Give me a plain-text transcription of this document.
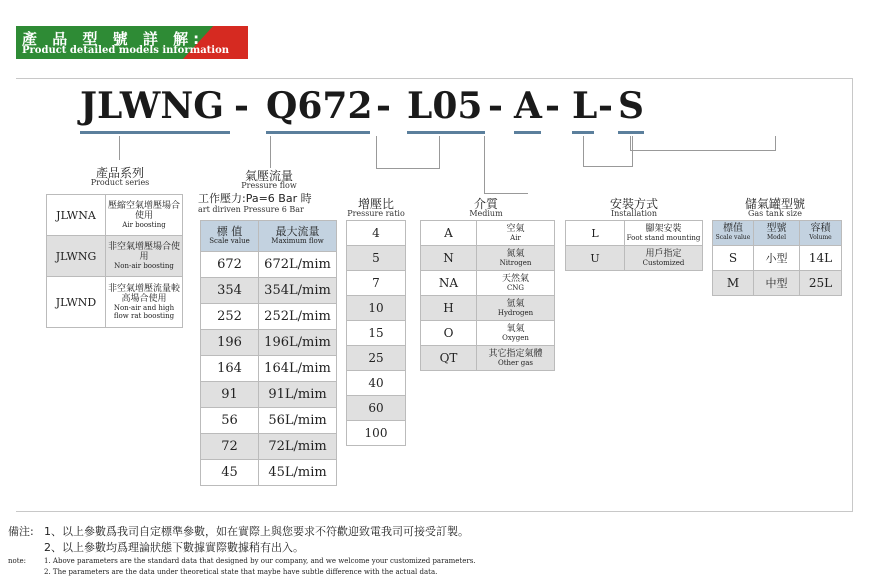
產 品 型 號 詳 解:
Product detailed models information
JLWNG - Q672 - L05 - A - L - S
產品系列
Product series
JLWNA	壓縮空氣增壓場合使用
Air boosting

JLWNG	非空氣增壓場合使用
Non-air boosting

JLWND	非空氣增壓流量較高場合使用
Non-air and high flow rat boosting
氣壓流量
Pressure flow
工作壓力:Pa=6 Bar 時
art diriven Pressure 6 Bar
標 值
Scale value	最大流量
Maximum flow

672	672L/mim
354	354L/mim
252	252L/mim
196	196L/mim
164	164L/mim
91	91L/mim
56	56L/mim
72	72L/mim
45	45L/mim
增壓比
Pressure ratio
4
5
7
10
15
25
40
60
100
介質
Medium
A	空氣
Air

N	氮氣
Nitrogen

NA	天然氣
CNG

H	氫氣
Hydrogen

O	氧氣
Oxygen

QT	其它指定氣體
Other gas
安裝方式
Installation
L	腳架安裝
Foot stand mounting

U	用戶指定
Customized
儲氣罐型號
Gas tank size
標值
Scale value	型號
Model	容積
Volume

S	小型	14L
M	中型	25L
備注: 1、以上參數爲我司自定標準參數，如在實際上與您要求不符歡迎致電我司可接受訂製。
2、以上參數均爲理論狀態下數據實際數據稍有出入。
note:	1. Above parameters are the standard data that designed by our company, and we welcome your customized parameters.
2. The parameters are the data under theoretical state that maybe have subtle difference with the actual data.
